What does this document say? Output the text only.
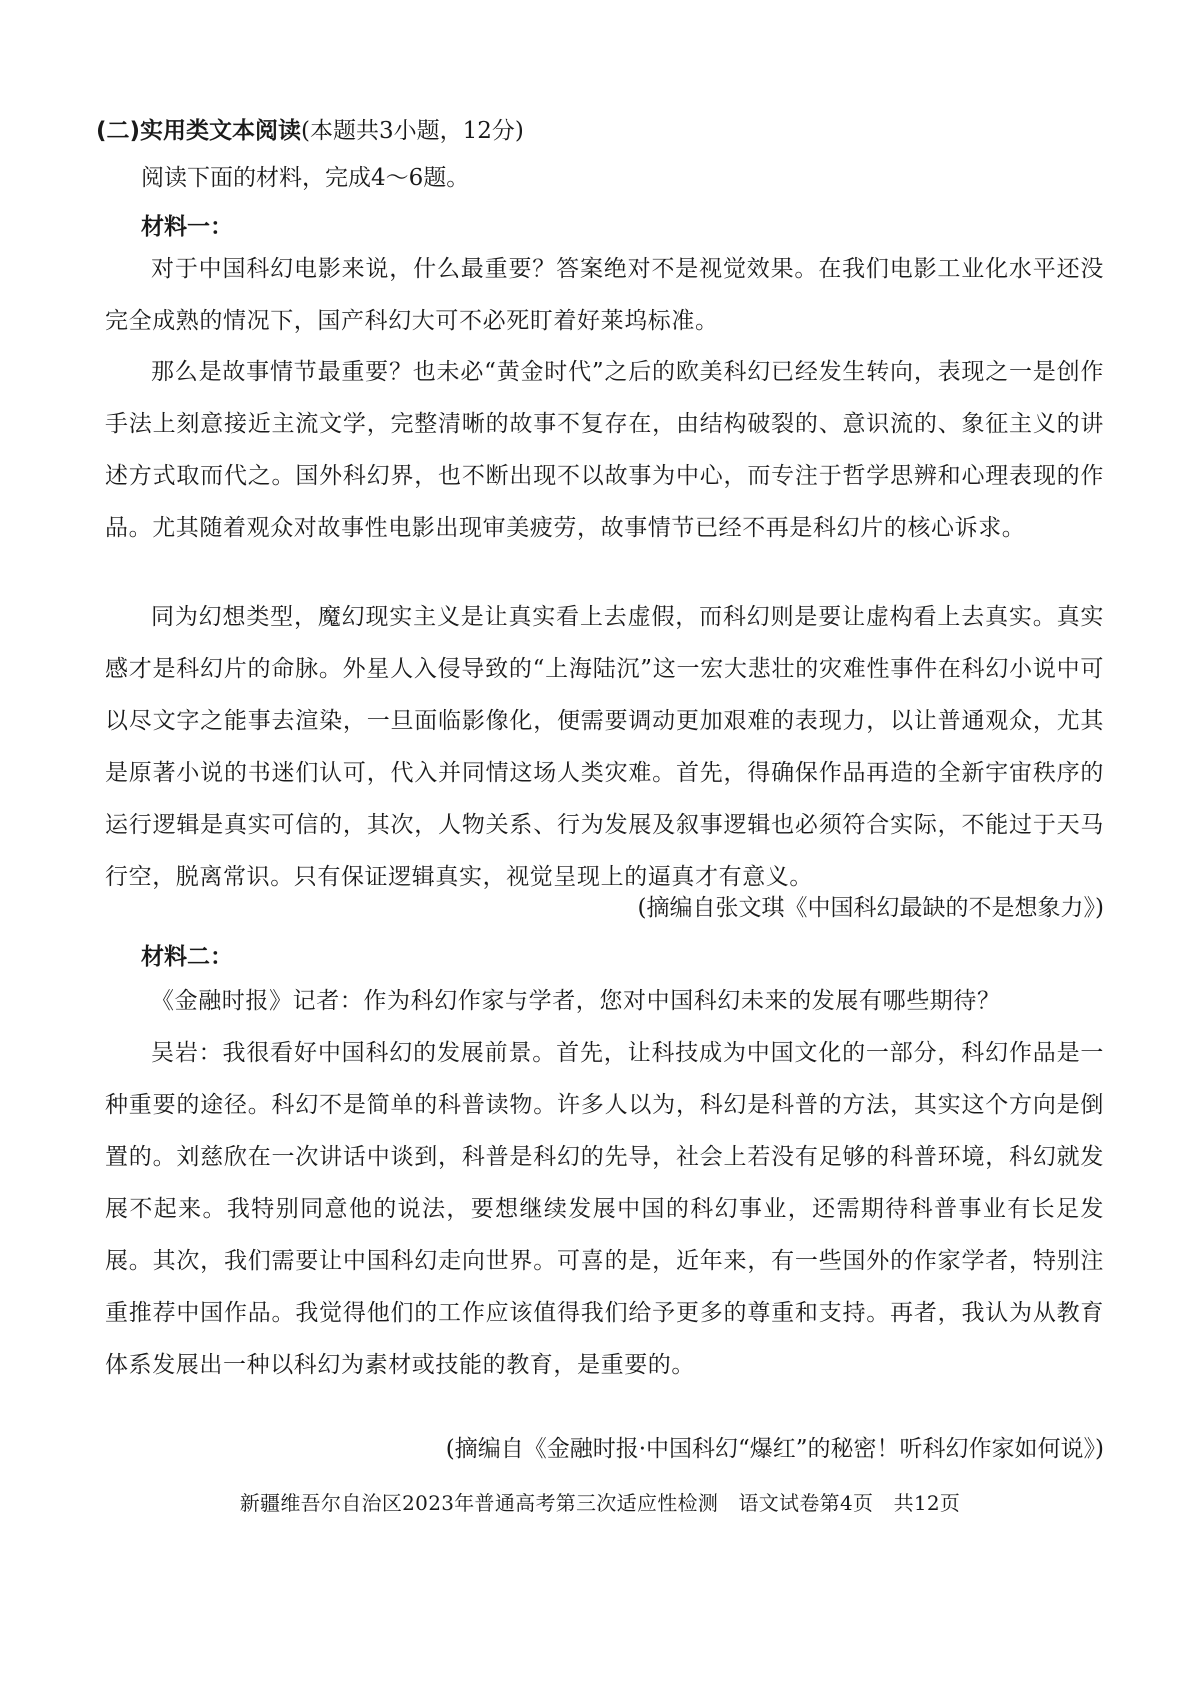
(二)实用类文本阅读(本题共3小题，12分)
阅读下面的材料，完成4～6题。
材料一：
对于中国科幻电影来说，什么最重要？答案绝对不是视觉效果。在我们电影工业化水平还没完全成熟的情况下，国产科幻大可不必死盯着好莱坞标准。
那么是故事情节最重要？也未必“黄金时代”之后的欧美科幻已经发生转向，表现之一是创作手法上刻意接近主流文学，完整清晰的故事不复存在，由结构破裂的、意识流的、象征主义的讲述方式取而代之。国外科幻界，也不断出现不以故事为中心，而专注于哲学思辨和心理表现的作品。尤其随着观众对故事性电影出现审美疲劳，故事情节已经不再是科幻片的核心诉求。
同为幻想类型，魔幻现实主义是让真实看上去虚假，而科幻则是要让虚构看上去真实。真实感才是科幻片的命脉。外星人入侵导致的“上海陆沉”这一宏大悲壮的灾难性事件在科幻小说中可以尽文字之能事去渲染，一旦面临影像化，便需要调动更加艰难的表现力，以让普通观众，尤其是原著小说的书迷们认可，代入并同情这场人类灾难。首先，得确保作品再造的全新宇宙秩序的运行逻辑是真实可信的，其次，人物关系、行为发展及叙事逻辑也必须符合实际，不能过于天马行空，脱离常识。只有保证逻辑真实，视觉呈现上的逼真才有意义。
(摘编自张文琪《中国科幻最缺的不是想象力》)
材料二：
《金融时报》记者：作为科幻作家与学者，您对中国科幻未来的发展有哪些期待？
吴岩：我很看好中国科幻的发展前景。首先，让科技成为中国文化的一部分，科幻作品是一种重要的途径。科幻不是简单的科普读物。许多人以为，科幻是科普的方法，其实这个方向是倒置的。刘慈欣在一次讲话中谈到，科普是科幻的先导，社会上若没有足够的科普环境，科幻就发展不起来。我特别同意他的说法，要想继续发展中国的科幻事业，还需期待科普事业有长足发展。其次，我们需要让中国科幻走向世界。可喜的是，近年来，有一些国外的作家学者，特别注重推荐中国作品。我觉得他们的工作应该值得我们给予更多的尊重和支持。再者，我认为从教育体系发展出一种以科幻为素材或技能的教育，是重要的。
(摘编自《金融时报·中国科幻“爆红”的秘密！听科幻作家如何说》)
新疆维吾尔自治区2023年普通高考第三次适应性检测　语文试卷第4页　共12页
